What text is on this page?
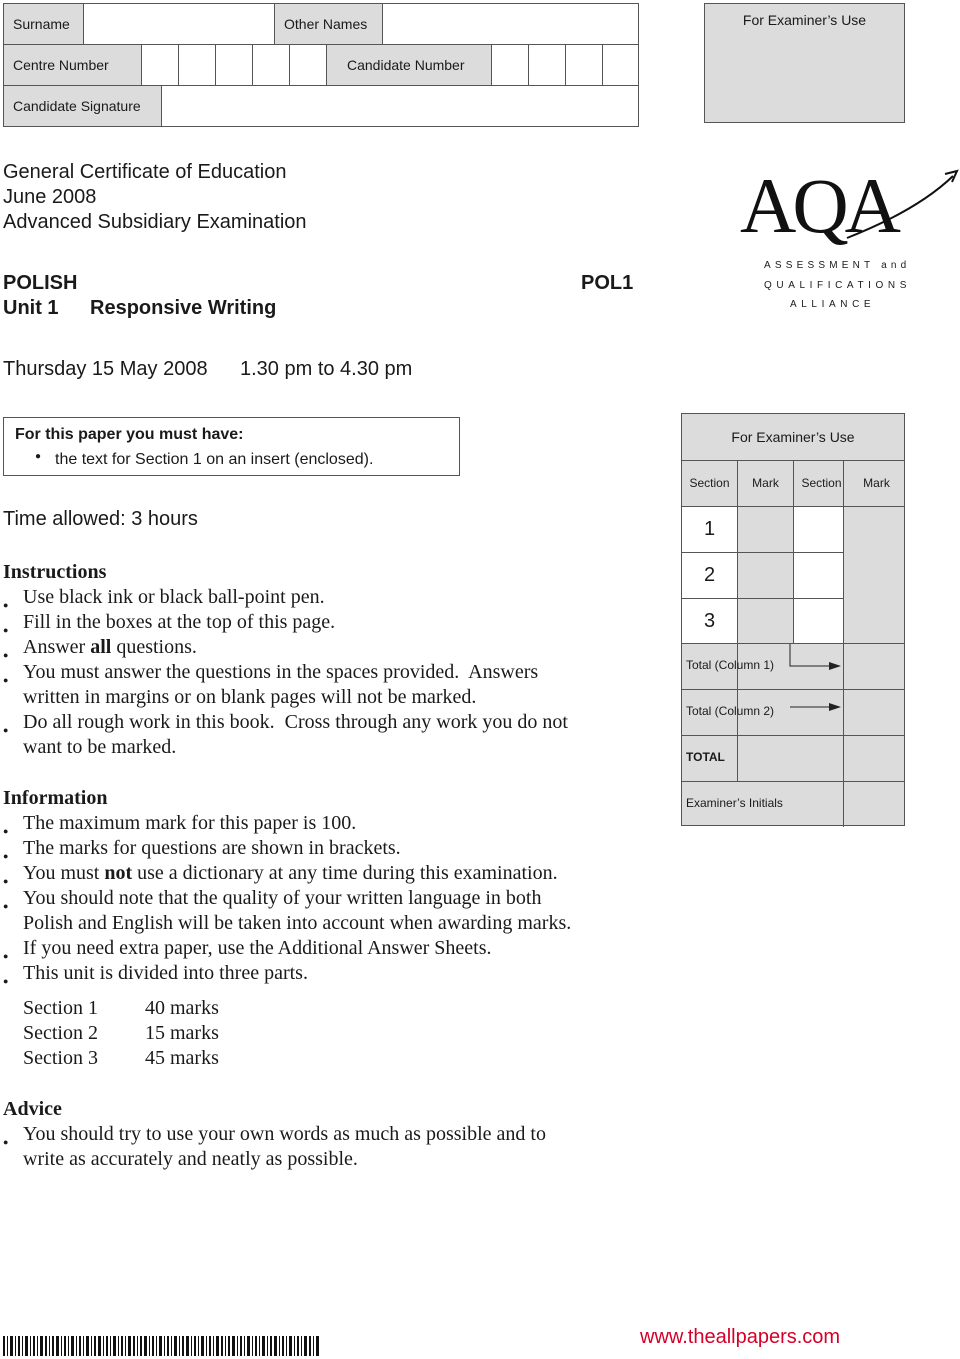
Surname	Other Names
Centre Number	Candidate Number
Candidate Signature
For Examiner’s Use
General Certificate of Education
June 2008
Advanced Subsidiary Examination
POLISH	POL1
Unit 1 Responsive Writing
Thursday 15 May 2008 1.30 pm to 4.30 pm
AQA
ASSESSMENT and
QUALIFICATIONS
ALLIANCE
For this paper you must have:
● the text for Section 1 on an insert (enclosed).
Time allowed: 3 hours
For Examiner’s Use
Section	Mark	Section	Mark
1
2
3
Total (Column 1)
Total (Column 2)
TOTAL
Examiner’s Initials
Instructions
● Use black ink or black ball-point pen.
● Fill in the boxes at the top of this page.
● Answer all questions.
● You must answer the questions in the spaces provided.  Answers
written in margins or on blank pages will not be marked.
● Do all rough work in this book.  Cross through any work you do not
want to be marked.
Information
● The maximum mark for this paper is 100.
● The marks for questions are shown in brackets.
● You must not use a dictionary at any time during this examination.
● You should note that the quality of your written language in both
Polish and English will be taken into account when awarding marks.
● If you need extra paper, use the Additional Answer Sheets.
● This unit is divided into three parts.
Section 1 40 marks
Section 2 15 marks
Section 3 45 marks
Advice
● You should try to use your own words as much as possible and to
write as accurately and neatly as possible.
www.theallpapers.com
